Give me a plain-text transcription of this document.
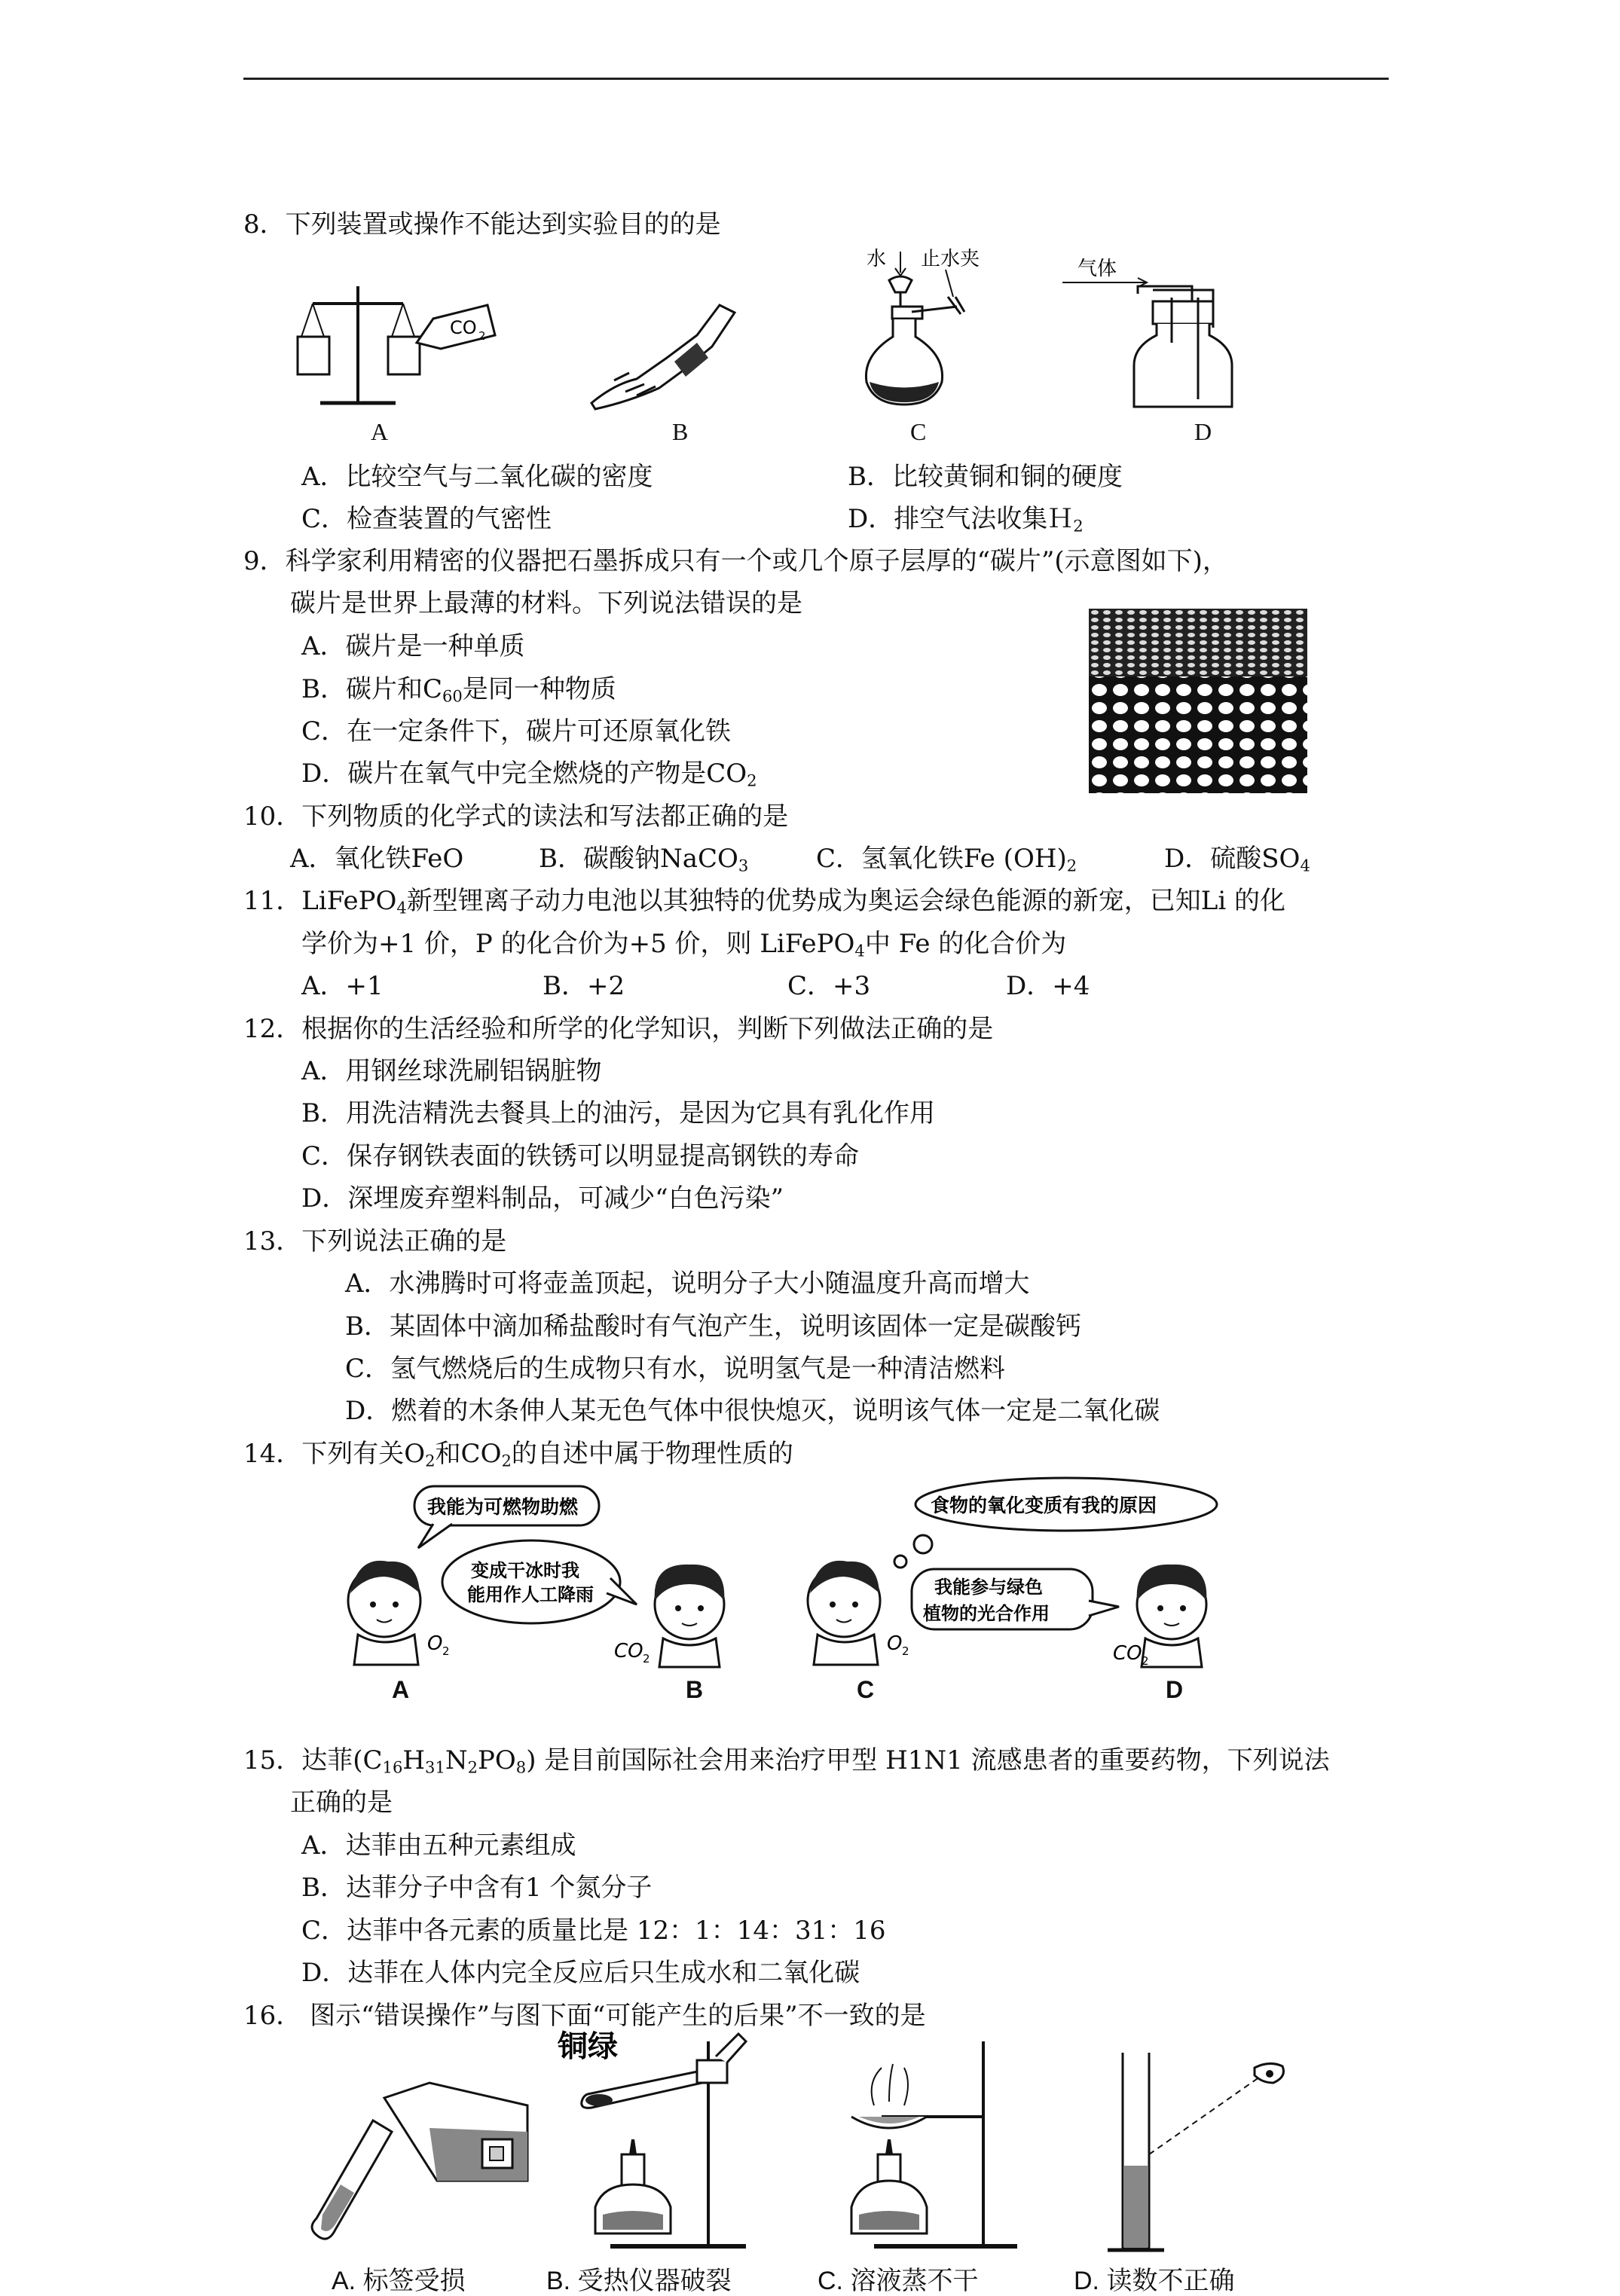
8．下列装置或操作不能达到实验目的的是
CO 2
A	B
水 止水夹
C
气体
D
A．比较空气与二氧化碳的密度	B．比较黄铜和铜的硬度
C．检查装置的气密性	D．排空气法收集Ｈ$_2$
9．科学家利用精密的仪器把石墨拆成只有一个或几个原子层厚的“碳片”(示意图如下)，
碳片是世界上最薄的材料。下列说法错误的是
A．碳片是一种单质
B．碳片和$C_{60}$是同一种物质
C．在一定条件下，碳片可还原氧化铁
D．碳片在氧气中完全燃烧的产物是$CO_2$
10．下列物质的化学式的读法和写法都正确的是
A．氧化铁FeO	B．碳酸钠NaCO$_3$	C．氢氧化铁Fe $(OH)_2$	D．硫酸$SO_4$
11．LiFePO$_4$新型锂离子动力电池以其独特的优势成为奥运会绿色能源的新宠，已知Li 的化
学价为+1 价，P 的化合价为+5 价，则 LiFePO$_4$中 Fe 的化合价为
A．+1	B．+2	C．+3	D．+4
12．根据你的生活经验和所学的化学知识，判断下列做法正确的是
A．用钢丝球洗刷铝锅脏物
B．用洗洁精洗去餐具上的油污，是因为它具有乳化作用
C．保存钢铁表面的铁锈可以明显提高钢铁的寿命
D．深埋废弃塑料制品，可减少“白色污染”
13．下列说法正确的是
A．水沸腾时可将壶盖顶起，说明分子大小随温度升高而增大
B．某固体中滴加稀盐酸时有气泡产生，说明该固体一定是碳酸钙
C．氢气燃烧后的生成物只有水，说明氢气是一种清洁燃料
D．燃着的木条伸人某无色气体中很快熄灭，说明该气体一定是二氧化碳
14．下列有关$O_2$和$CO_2$的自述中属于物理性质的
我能为可燃物助燃
变成干冰时我
能用作人工降雨
O 2	CO 2
A	B
食物的氧化变质有我的原因
我能参与绿色
植物的光合作用
O 2	CO 2
C	D
15．达菲$(C_{16}H_{31}N_2PO_8)$ 是目前国际社会用来治疗甲型 H1N1 流感患者的重要药物，下列说法
正确的是
A．达菲由五种元素组成
B．达菲分子中含有1 个氮分子
C．达菲中各元素的质量比是 12：1：14：31：16
D．达菲在人体内完全反应后只生成水和二氧化碳
16． 图示“错误操作”与图下面“可能产生的后果”不一致的是
铜绿
A. 标签受损	B. 受热仪器破裂	C. 溶液蒸不干	D. 读数不正确
